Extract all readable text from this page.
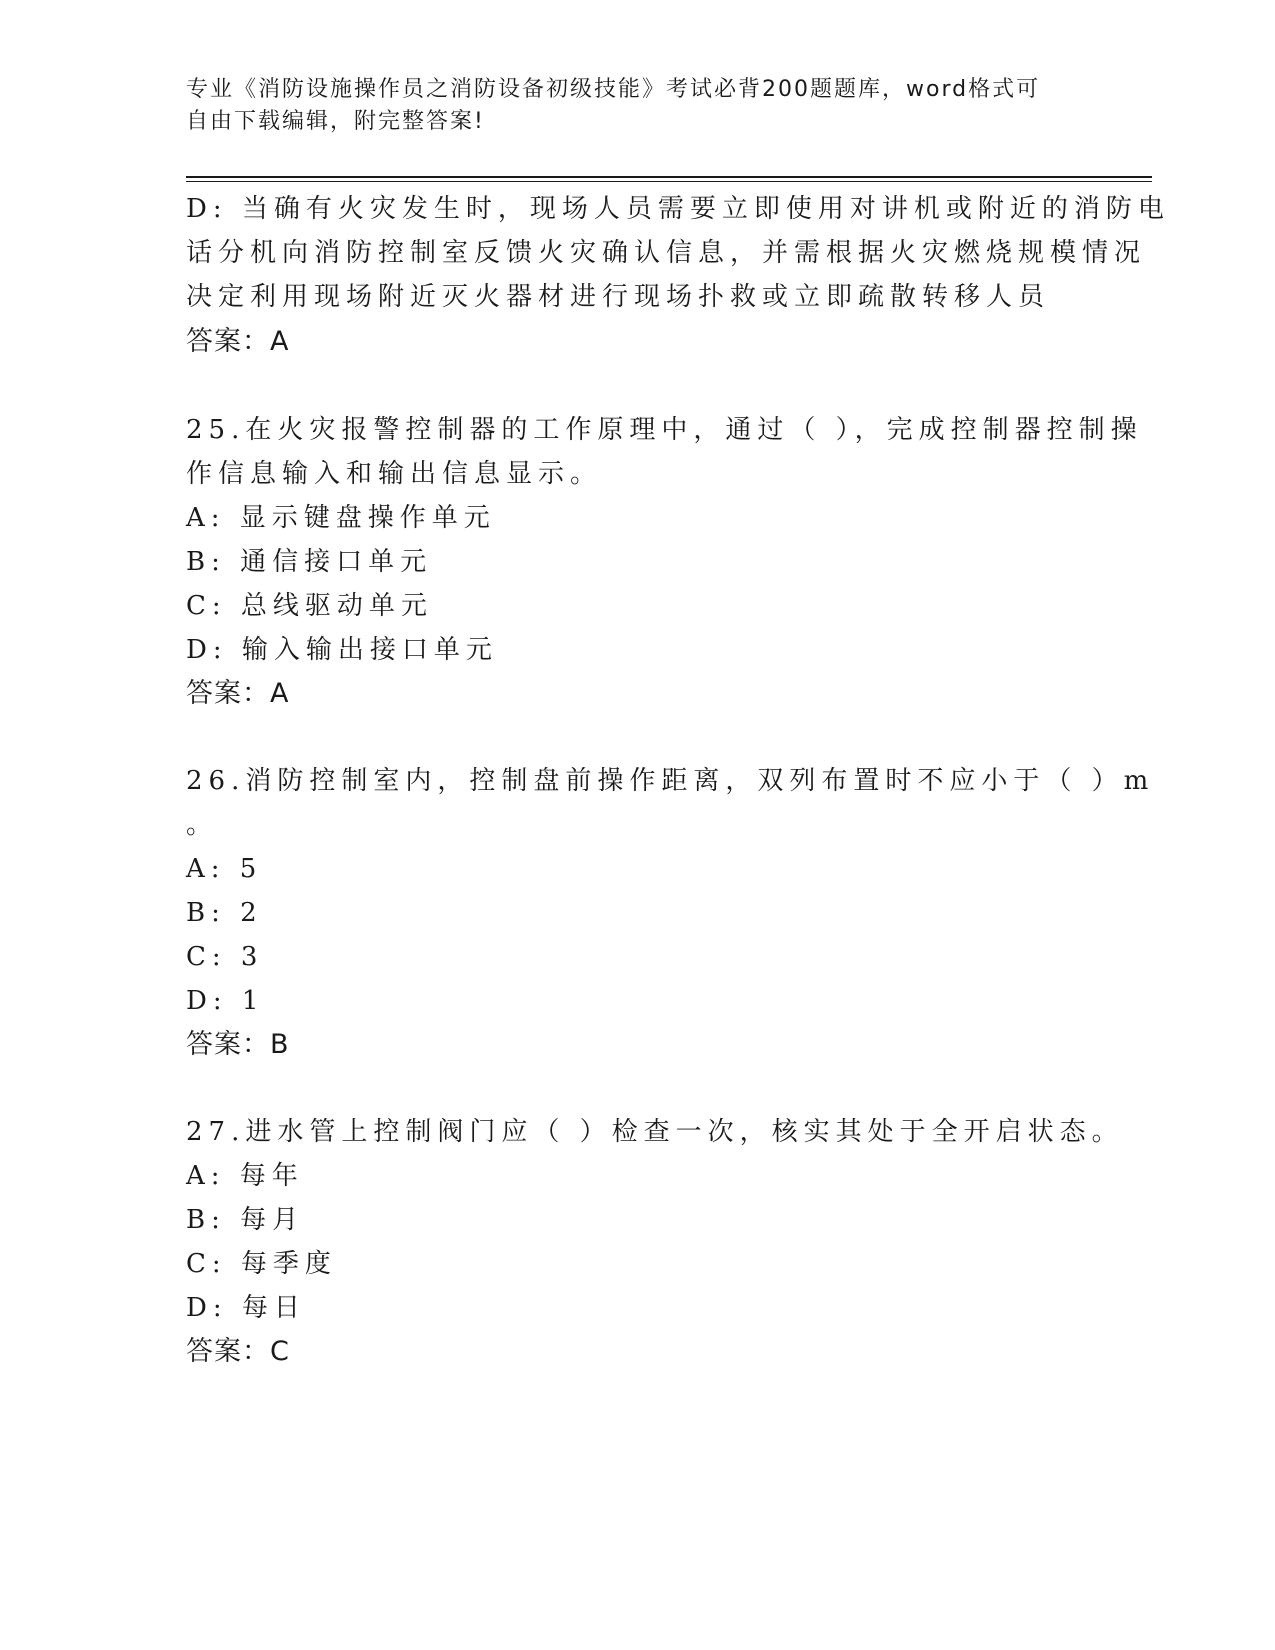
专业《消防设施操作员之消防设备初级技能》考试必背200题题库，word格式可
自由下载编辑，附完整答案!
D: 当确有火灾发生时，现场人员需要立即使用对讲机或附近的消防电
话分机向消防控制室反馈火灾确认信息，并需根据火灾燃烧规模情况
决定利用现场附近灭火器材进行现场扑救或立即疏散转移人员
答案：A
25.在火灾报警控制器的工作原理中，通过（ ），完成控制器控制操
作信息输入和输出信息显示。
A: 显示键盘操作单元
B: 通信接口单元
C: 总线驱动单元
D: 输入输出接口单元
答案：A
26.消防控制室内，控制盘前操作距离，双列布置时不应小于（ ）m
。
A: 5
B: 2
C: 3
D: 1
答案：B
27.进水管上控制阀门应（ ）检查一次，核实其处于全开启状态。
A: 每年
B: 每月
C: 每季度
D: 每日
答案：C
